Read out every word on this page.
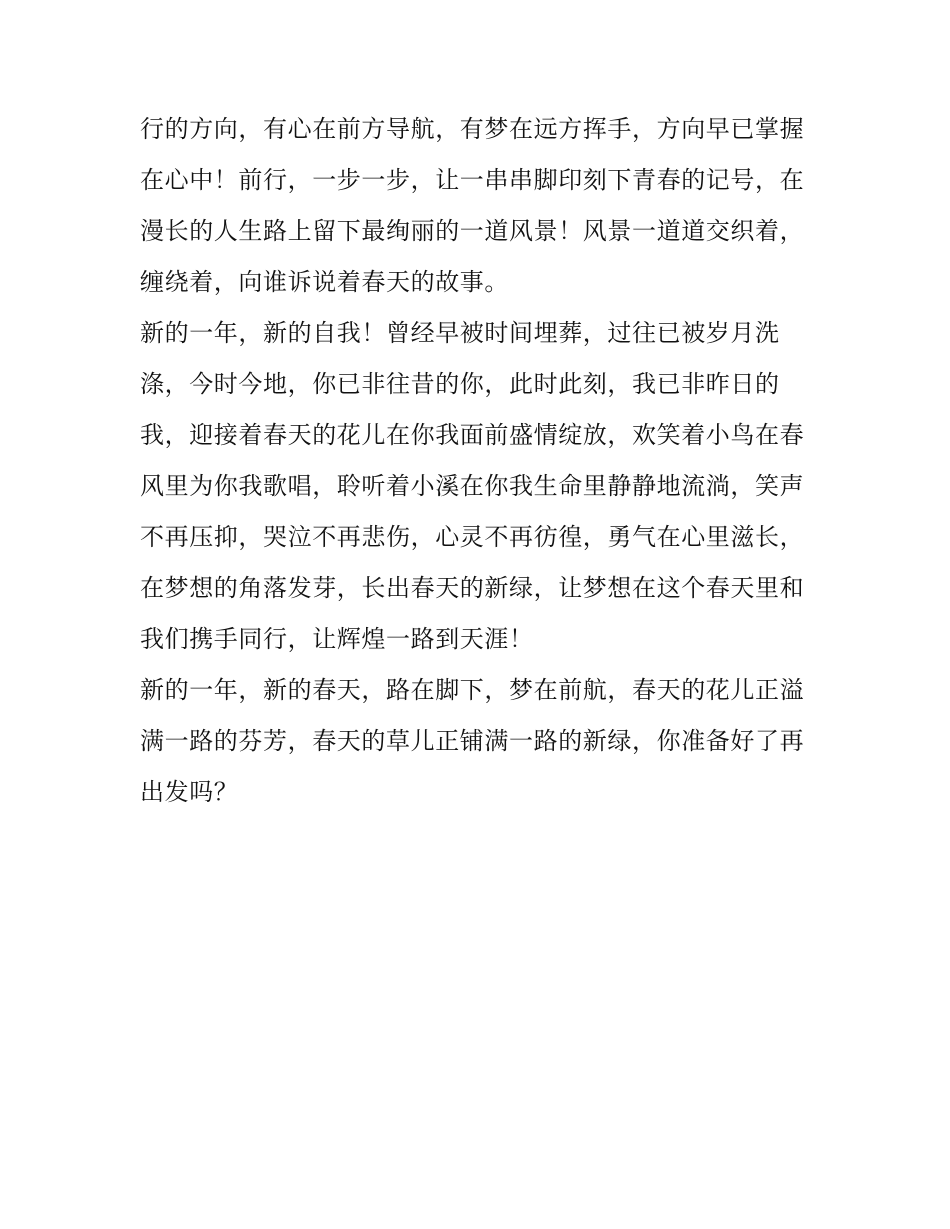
行的方向，有心在前方导航，有梦在远方挥手，方向早已掌握
在心中！前行，一步一步，让一串串脚印刻下青春的记号，在
漫长的人生路上留下最绚丽的一道风景！风景一道道交织着，
缠绕着，向谁诉说着春天的故事。
新的一年，新的自我！曾经早被时间埋葬，过往已被岁月洗
涤，今时今地，你已非往昔的你，此时此刻，我已非昨日的
我，迎接着春天的花儿在你我面前盛情绽放，欢笑着小鸟在春
风里为你我歌唱，聆听着小溪在你我生命里静静地流淌，笑声
不再压抑，哭泣不再悲伤，心灵不再彷徨，勇气在心里滋长，
在梦想的角落发芽，长出春天的新绿，让梦想在这个春天里和
我们携手同行，让辉煌一路到天涯！
新的一年，新的春天，路在脚下，梦在前航，春天的花儿正溢
满一路的芬芳，春天的草儿正铺满一路的新绿，你准备好了再
出发吗？
